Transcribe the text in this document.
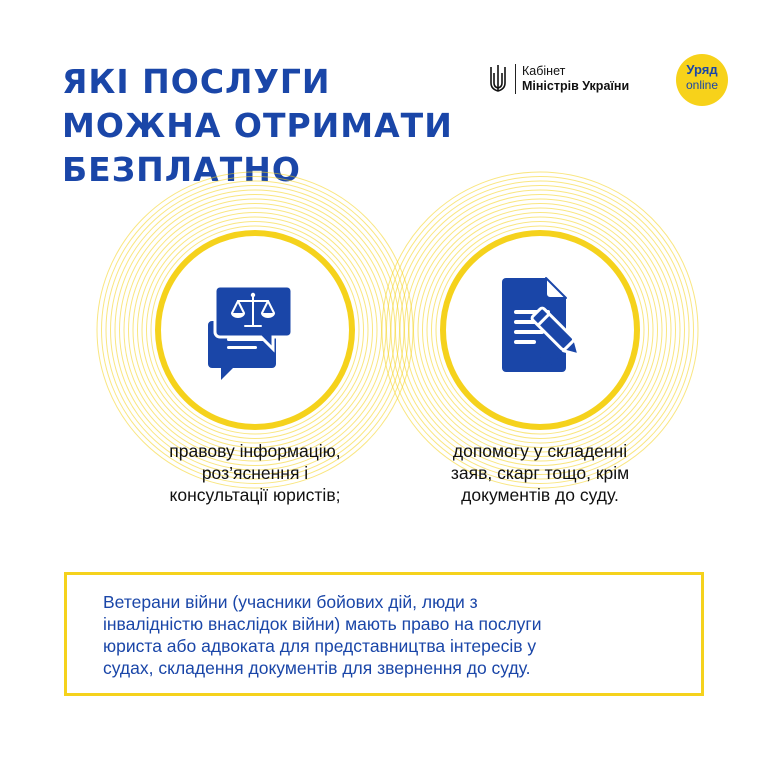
ЯКІ ПОСЛУГИ
МОЖНА ОТРИМАТИ
БЕЗПЛАТНО
Кабінет
Міністрів України
Уряд
online

правову інформацію,
роз’яснення і
консультації юристів;

допомогу у складенні
заяв, скарг тощо, крім
документів до суду.

Ветерани війни (учасники бойових дій, люди з
інвалідністю внаслідок війни) мають право на послуги
юриста або адвоката для представництва інтересів у
судах, складення документів для звернення до суду.
